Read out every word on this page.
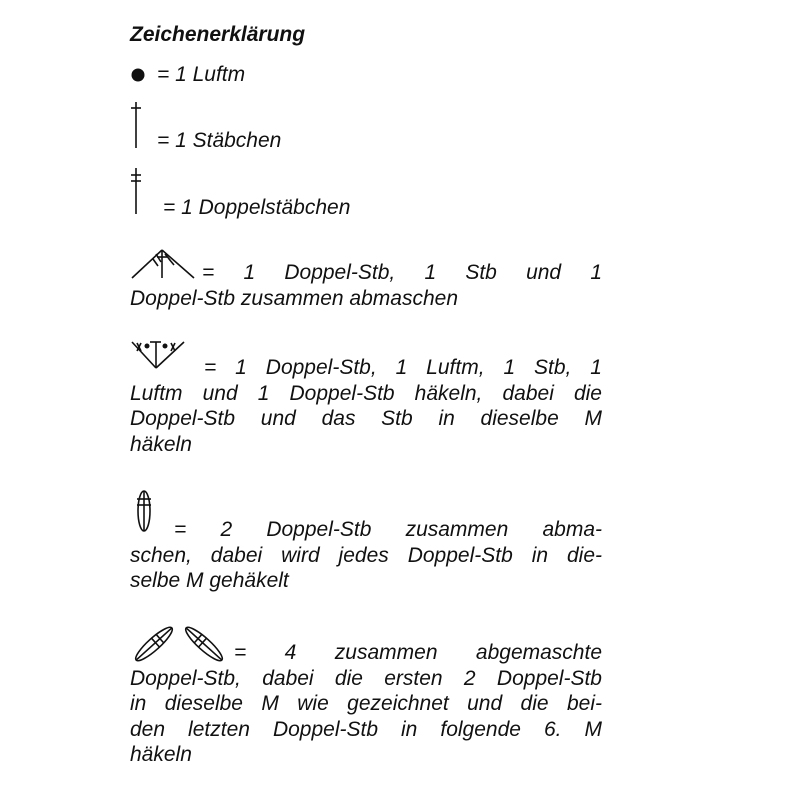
Zeichenerklärung

= 1 Luftm

= 1 Stäbchen

= 1 Doppelstäbchen

= 1 Doppel-Stb, 1 Stb und 1
Doppel-Stb zusammen abmaschen
= 1 Doppel-Stb, 1 Luftm, 1 Stb, 1
Luftm und 1 Doppel-Stb häkeln, dabei die
Doppel-Stb und das Stb in dieselbe M
häkeln
= 2 Doppel-Stb zusammen abma-
schen, dabei wird jedes Doppel-Stb in die-
selbe M gehäkelt
= 4 zusammen abgemaschte
Doppel-Stb, dabei die ersten 2 Doppel-Stb
in dieselbe M wie gezeichnet und die bei-
den letzten Doppel-Stb in folgende 6. M
häkeln
